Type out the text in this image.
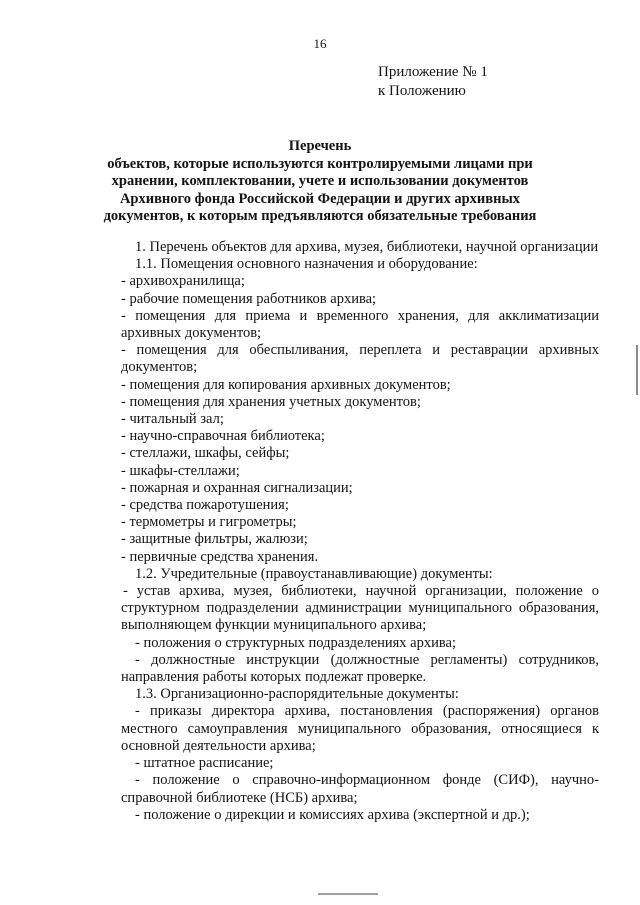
16
Приложение № 1
к Положению
Перечень
объектов, которые используются контролируемыми лицами при
хранении, комплектовании, учете и использовании документов
Архивного фонда Российской Федерации и других архивных
документов, к которым предъявляются обязательные требования
1. Перечень объектов для архива, музея, библиотеки, научной организации
1.1. Помещения основного назначения и оборудование:
- архивохранилища;
- рабочие помещения работников архива;
- помещения для приема и временного хранения, для акклиматизации архивных документов;
- помещения для обеспыливания, переплета и реставрации архивных документов;
- помещения для копирования архивных документов;
- помещения для хранения учетных документов;
- читальный зал;
- научно-справочная библиотека;
- стеллажи, шкафы, сейфы;
- шкафы-стеллажи;
- пожарная и охранная сигнализации;
- средства пожаротушения;
- термометры и гигрометры;
- защитные фильтры, жалюзи;
- первичные средства хранения.
1.2. Учредительные (правоустанавливающие) документы:
- устав архива, музея, библиотеки, научной организации, положение о структурном подразделении администрации муниципального образования, выполняющем функции муниципального архива;
- положения о структурных подразделениях архива;
- должностные инструкции (должностные регламенты) сотрудников, направления работы которых подлежат проверке.
1.3. Организационно-распорядительные документы:
- приказы директора архива, постановления (распоряжения) органов местного самоуправления муниципального образования, относящиеся к основной деятельности архива;
- штатное расписание;
- положение о справочно-информационном фонде (СИФ), научно-справочной библиотеке (НСБ) архива;
- положение о дирекции и комиссиях архива (экспертной и др.);
